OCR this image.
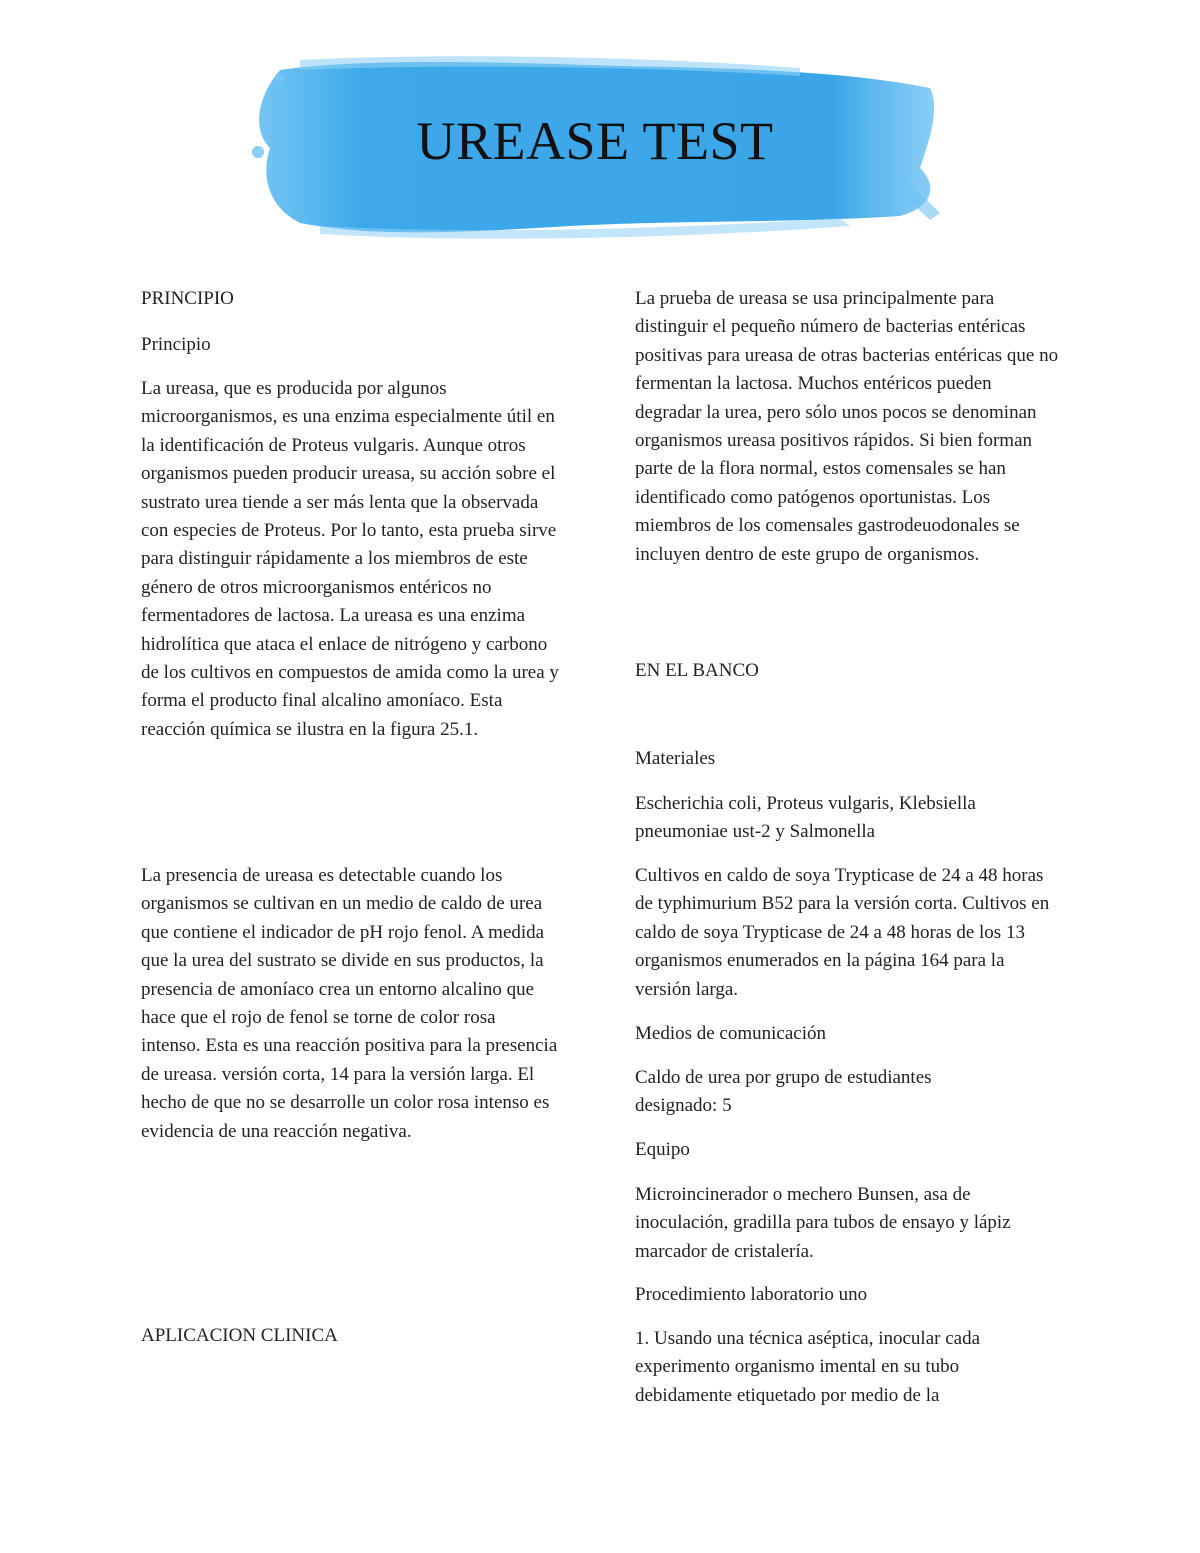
UREASE TEST

PRINCIPIO

Principio

La ureasa, que es producida por algunos microorganismos, es una enzima especialmente útil en la identificación de Proteus vulgaris. Aunque otros organismos pueden producir ureasa, su acción sobre el sustrato urea tiende a ser más lenta que la observada con especies de Proteus. Por lo tanto, esta prueba sirve para distinguir rápidamente a los miembros de este género de otros microorganismos entéricos no fermentadores de lactosa. La ureasa es una enzima hidrolítica que ataca el enlace de nitrógeno y carbono de los cultivos en compuestos de amida como la urea y forma el producto final alcalino amoníaco. Esta reacción química se ilustra en la figura 25.1.

La presencia de ureasa es detectable cuando los organismos se cultivan en un medio de caldo de urea que contiene el indicador de pH rojo fenol. A medida que la urea del sustrato se divide en sus productos, la presencia de amoníaco crea un entorno alcalino que hace que el rojo de fenol se torne de color rosa intenso. Esta es una reacción positiva para la presencia de ureasa. versión corta, 14 para la versión larga. El hecho de que no se desarrolle un color rosa intenso es evidencia de una reacción negativa.

APLICACION CLINICA

La prueba de ureasa se usa principalmente para distinguir el pequeño número de bacterias entéricas positivas para ureasa de otras bacterias entéricas que no fermentan la lactosa. Muchos entéricos pueden degradar la urea, pero sólo unos pocos se denominan organismos ureasa positivos rápidos. Si bien forman parte de la flora normal, estos comensales se han identificado como patógenos oportunistas. Los miembros de los comensales gastrodeuodonales se incluyen dentro de este grupo de organismos.

EN EL BANCO

Materiales

Escherichia coli, Proteus vulgaris, Klebsiella pneumoniae ust-2 y Salmonella

Cultivos en caldo de soya Trypticase de 24 a 48 horas de typhimurium B52 para la versión corta. Cultivos en caldo de soya Trypticase de 24 a 48 horas de los 13 organismos enumerados en la página 164 para la versión larga.

Medios de comunicación

Caldo de urea por grupo de estudiantes designado: 5

Equipo

Microincinerador o mechero Bunsen, asa de inoculación, gradilla para tubos de ensayo y lápiz marcador de cristalería.

Procedimiento laboratorio uno

1. Usando una técnica aséptica, inocular cada experimento organismo imental en su tubo debidamente etiquetado por medio de la
